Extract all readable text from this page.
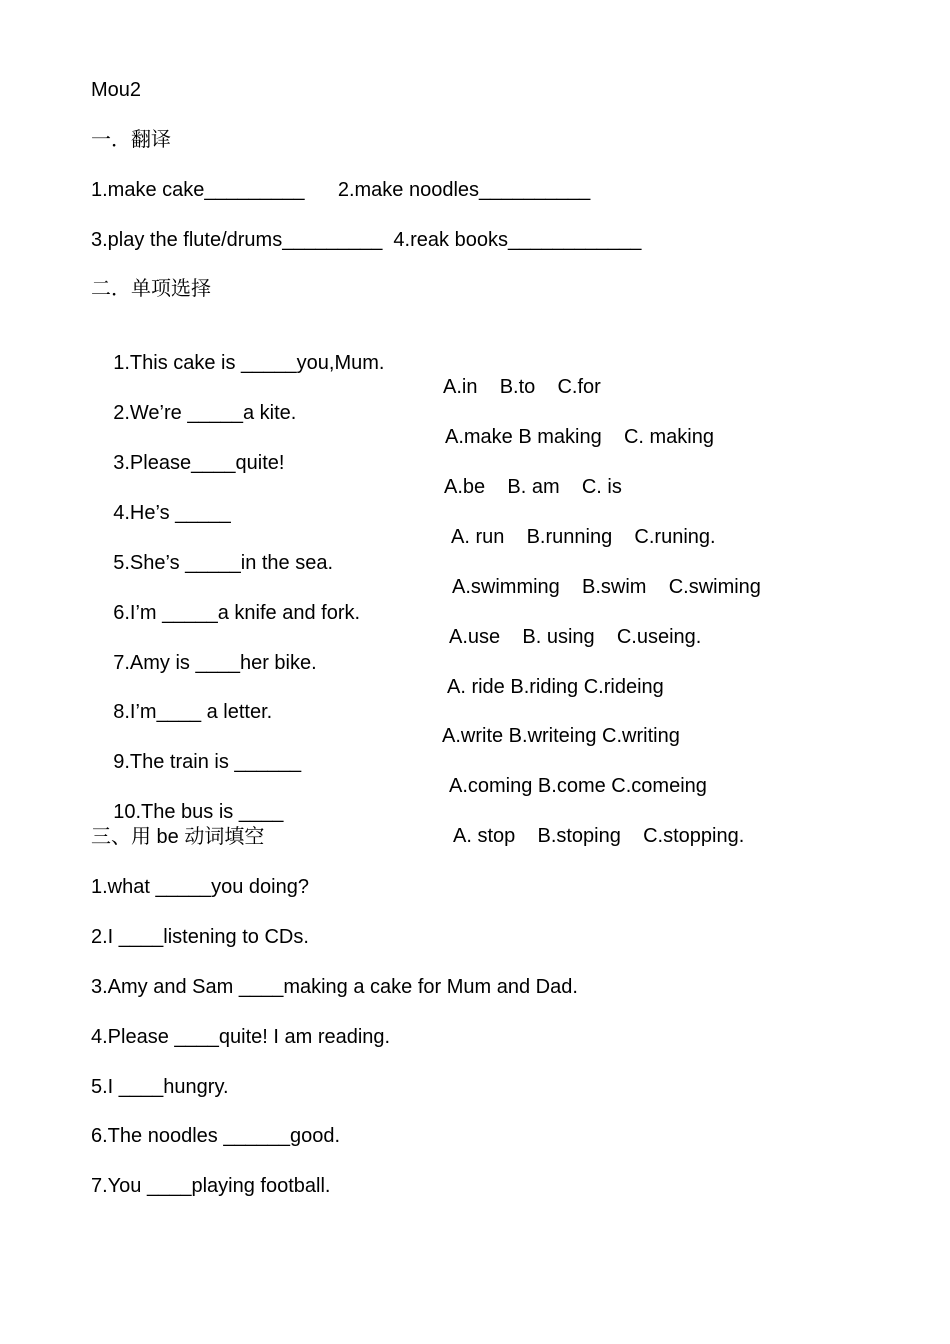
Mou2
一．翻译
1.make cake_________      2.make noodles__________
3.play the flute/drums_________  4.reak books____________
二．单项选择

1.This cake is _____you,Mum.

A.in    B.to    C.for

2.We’re _____a kite.

A.make B making    C. making

3.Please____quite!

A.be    B. am    C. is

4.He’s _____

A. run    B.running    C.runing.

5.She’s _____in the sea.

A.swimming    B.swim    C.swiming

6.I’m _____a knife and fork.

A.use    B. using    C.useing.

7.Amy is ____her bike.

A. ride B.riding C.rideing

8.I’m____ a letter.

A.write B.writeing C.writing

9.The train is ______

A.coming B.come C.comeing

10.The bus is ____

A. stop    B.stoping    C.stopping.

三、用 be 动词填空
1.what _____you doing?
2.I ____listening to CDs.
3.Amy and Sam ____making a cake for Mum and Dad.
4.Please ____quite! I am reading.
5.I ____hungry.
6.The noodles ______good.
7.You ____playing football.
